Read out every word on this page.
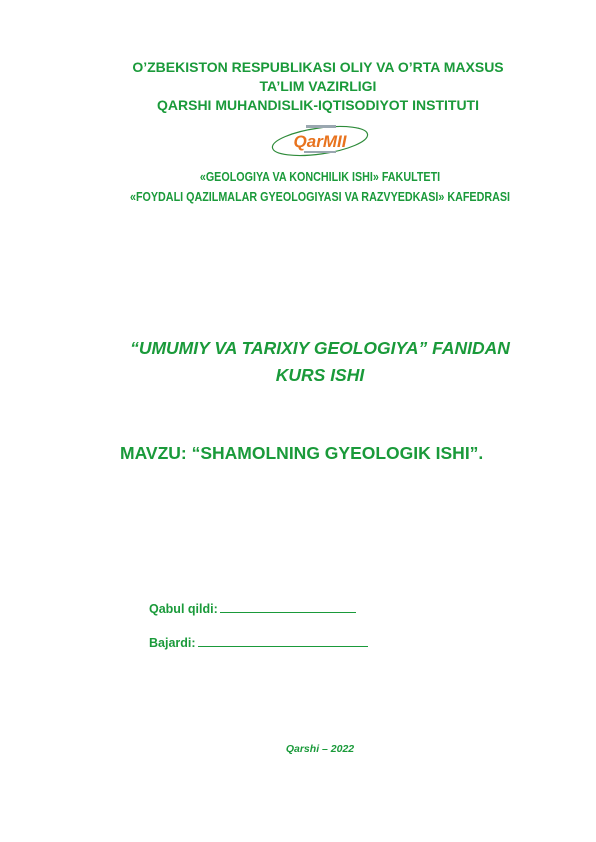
O’ZBEKISTON RESPUBLIKASI OLIY VA O’RTA MAXSUS
TA’LIM VAZIRLIGI
QARSHI MUHANDISLIK-IQTISODIYOT INSTITUTI
QarMII
«GEOLOGIYA VA KONCHILIK ISHI» FAKULTETI
«FOYDALI QAZILMALAR GYEOLOGIYASI VA RAZVYEDKASI» KAFEDRASI
“UMUMIY VA TARIXIY GEOLOGIYA” FANIDAN
KURS ISHI
MAVZU: “SHAMOLNING GYEOLOGIK ISHI”.
Qabul qildi:
Bajardi:
Qarshi – 2022
